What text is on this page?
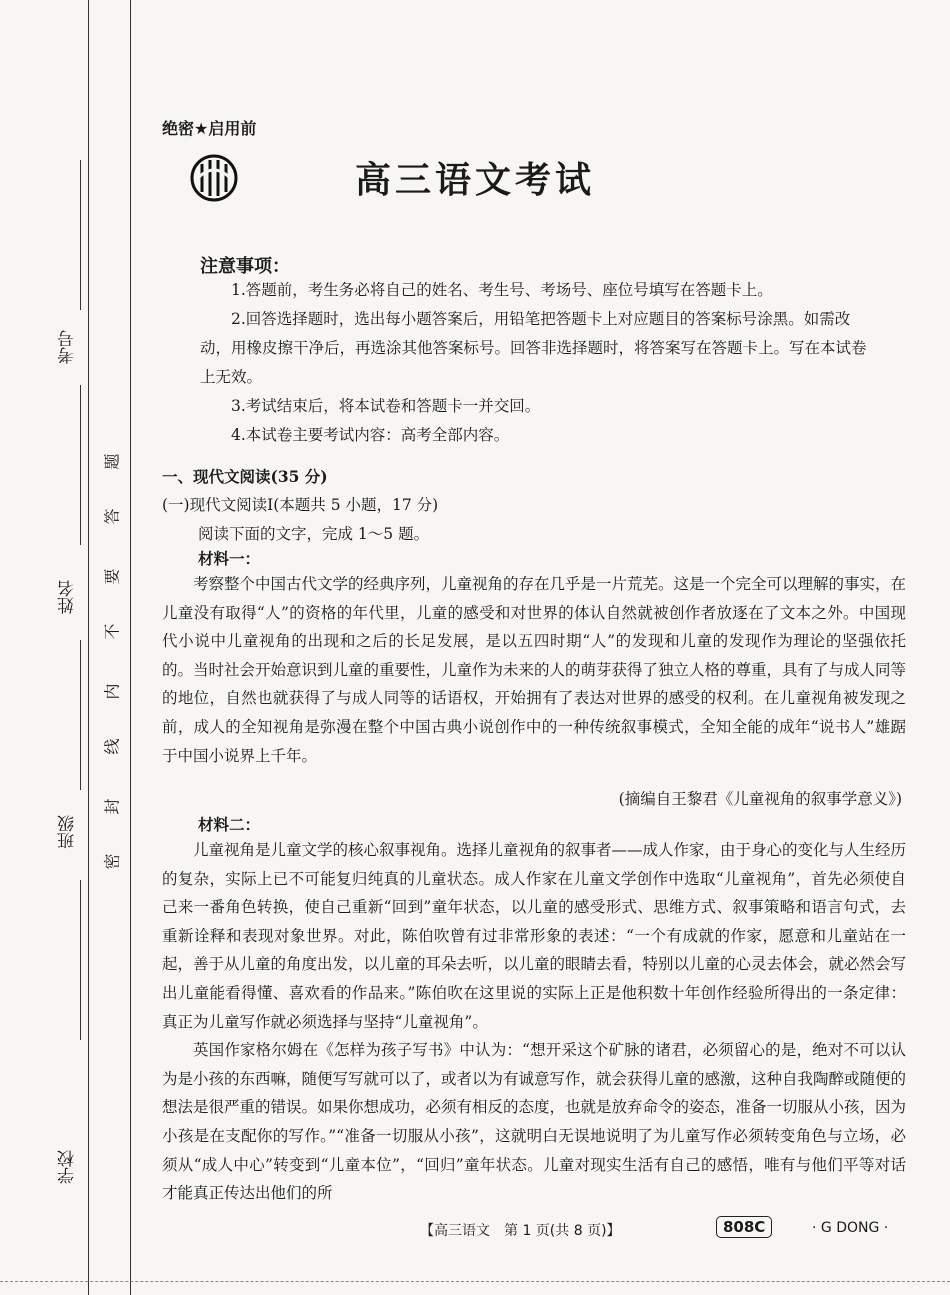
考号
姓名
班级
学校
题
答
要
不
内
线
封
密
绝密★启用前
高三语文考试
注意事项：

1.答题前，考生务必将自己的姓名、考生号、考场号、座位号填写在答题卡上。

2.回答选择题时，选出每小题答案后，用铅笔把答题卡上对应题目的答案标号涂黑。如需改动，用橡皮擦干净后，再选涂其他答案标号。回答非选择题时，将答案写在答题卡上。写在本试卷上无效。

3.考试结束后，将本试卷和答题卡一并交回。

4.本试卷主要考试内容：高考全部内容。

一、现代文阅读(35 分)
(一)现代文阅读Ⅰ(本题共 5 小题，17 分)
阅读下面的文字，完成 1～5 题。
材料一：

考察整个中国古代文学的经典序列，儿童视角的存在几乎是一片荒芜。这是一个完全可以理解的事实，在儿童没有取得“人”的资格的年代里，儿童的感受和对世界的体认自然就被创作者放逐在了文本之外。中国现代小说中儿童视角的出现和之后的长足发展，是以五四时期“人”的发现和儿童的发现作为理论的坚强依托的。当时社会开始意识到儿童的重要性，儿童作为未来的人的萌芽获得了独立人格的尊重，具有了与成人同等的地位，自然也就获得了与成人同等的话语权，开始拥有了表达对世界的感受的权利。在儿童视角被发现之前，成人的全知视角是弥漫在整个中国古典小说创作中的一种传统叙事模式，全知全能的成年“说书人”雄踞于中国小说界上千年。

(摘编自王黎君《儿童视角的叙事学意义》)
材料二：

儿童视角是儿童文学的核心叙事视角。选择儿童视角的叙事者——成人作家，由于身心的变化与人生经历的复杂，实际上已不可能复归纯真的儿童状态。成人作家在儿童文学创作中选取“儿童视角”，首先必须使自己来一番角色转换，使自己重新“回到”童年状态，以儿童的感受形式、思维方式、叙事策略和语言句式，去重新诠释和表现对象世界。对此，陈伯吹曾有过非常形象的表述：“一个有成就的作家，愿意和儿童站在一起，善于从儿童的角度出发，以儿童的耳朵去听，以儿童的眼睛去看，特别以儿童的心灵去体会，就必然会写出儿童能看得懂、喜欢看的作品来。”陈伯吹在这里说的实际上正是他积数十年创作经验所得出的一条定律：真正为儿童写作就必须选择与坚持“儿童视角”。

英国作家格尔姆在《怎样为孩子写书》中认为：“想开采这个矿脉的诸君，必须留心的是，绝对不可以认为是小孩的东西嘛，随便写写就可以了，或者以为有诚意写作，就会获得儿童的感激，这种自我陶醉或随便的想法是很严重的错误。如果你想成功，必须有相反的态度，也就是放弃命令的姿态，准备一切服从小孩，因为小孩是在支配你的写作。”“准备一切服从小孩”，这就明白无误地说明了为儿童写作必须转变角色与立场，必须从“成人中心”转变到“儿童本位”，“回归”童年状态。儿童对现实生活有自己的感悟，唯有与他们平等对话才能真正传达出他们的所

【高三语文　第 1 页(共 8 页)】	808C	· G DONG ·
